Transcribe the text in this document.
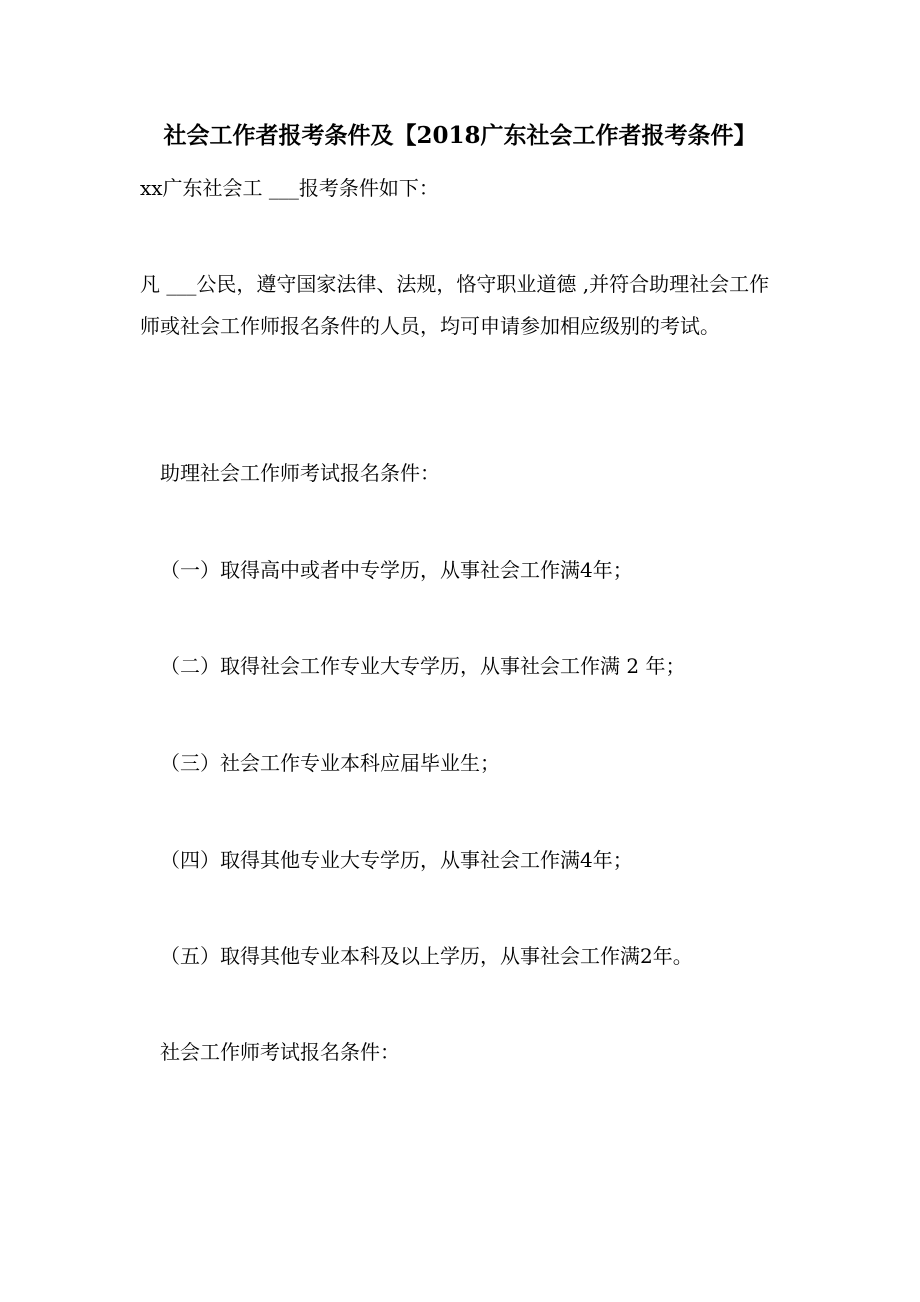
社会工作者报考条件及【2018广东社会工作者报考条件】
xx广东社会工 ___报考条件如下：
凡 ___公民，遵守国家法律、法规，恪守职业道德 ,并符合助理社会工作师或社会工作师报名条件的人员，均可申请参加相应级别的考试。
助理社会工作师考试报名条件：
（一）取得高中或者中专学历，从事社会工作满4年；
（二）取得社会工作专业大专学历，从事社会工作满 2 年；
（三）社会工作专业本科应届毕业生；
（四）取得其他专业大专学历，从事社会工作满4年；
（五）取得其他专业本科及以上学历，从事社会工作满2年。
社会工作师考试报名条件：
